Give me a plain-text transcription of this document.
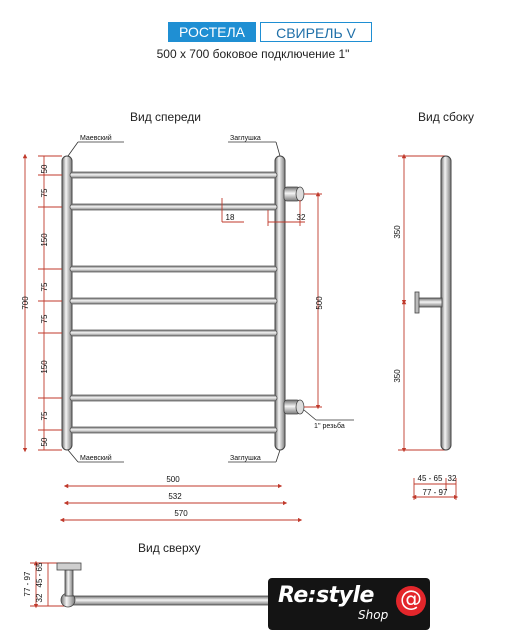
РОСТЕЛА	СВИРЕЛЬ V
500 x 700 боковое подключение 1"
Вид спереди	Вид сбоку
Вид сверху
Маевский	Заглушка
Маевский	Заглушка
1'' резьба
50
75
150
75
75
150
75
50
700	500
350
350
77 - 97
32
45 - 65
18	32
500
532
570
45 - 65 32
77 - 97
Re:style
Shop
@
